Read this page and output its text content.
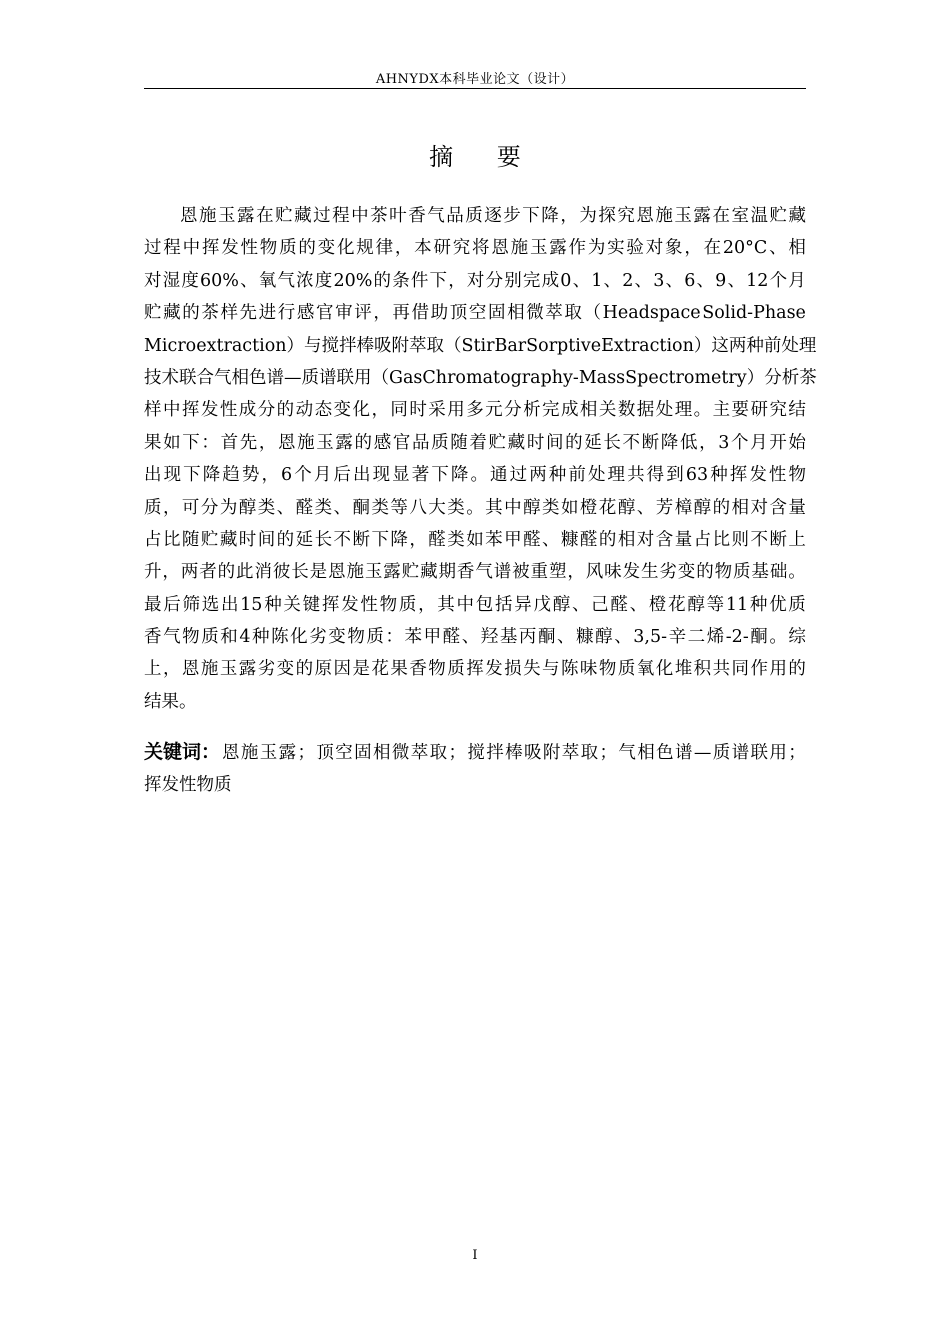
AHNYDX本科毕业论文（设计）
摘 要
恩 施 玉 露 在 贮 藏 过 程 中 茶 叶 香 气 品 质 逐 步 下 降 ， 为 探 究 恩 施 玉 露 在 室 温 贮 藏
过 程 中 挥 发 性 物 质 的 变 化 规 律 ， 本 研 究 将 恩 施 玉 露 作 为 实 验 对 象 ， 在 20°C 、 相
对 湿 度 60% 、 氧 气 浓 度 20% 的 条 件 下 ， 对 分 别 完 成 0 、 1 、 2 、 3 、 6 、 9 、 12 个 月
贮 藏 的 茶 样 先 进 行 感 官 审 评 ， 再 借 助 顶 空 固 相 微 萃 取 （ Headspace Solid-Phase
Microextraction ） 与 搅 拌 棒 吸 附 萃 取 （ Stir Bar Sorptive Extraction ） 这 两 种 前 处 理
技 术 联 合 气 相 色 谱 — 质 谱 联 用 （ Gas Chromatography-Mass Spectrometry ） 分 析 茶
样 中 挥 发 性 成 分 的 动 态 变 化 ， 同 时 采 用 多 元 分 析 完 成 相 关 数 据 处 理 。 主 要 研 究 结
果 如 下 ： 首 先 ， 恩 施 玉 露 的 感 官 品 质 随 着 贮 藏 时 间 的 延 长 不 断 降 低 ， 3 个 月 开 始
出 现 下 降 趋 势 ， 6 个 月 后 出 现 显 著 下 降 。 通 过 两 种 前 处 理 共 得 到 63 种 挥 发 性 物
质 ， 可 分 为 醇 类 、 醛 类 、 酮 类 等 八 大 类 。 其 中 醇 类 如 橙 花 醇 、 芳 樟 醇 的 相 对 含 量
占 比 随 贮 藏 时 间 的 延 长 不 断 下 降 ， 醛 类 如 苯 甲 醛 、 糠 醛 的 相 对 含 量 占 比 则 不 断 上
升 ， 两 者 的 此 消 彼 长 是 恩 施 玉 露 贮 藏 期 香 气 谱 被 重 塑 ， 风 味 发 生 劣 变 的 物 质 基 础 。
最 后 筛 选 出 15 种 关 键 挥 发 性 物 质 ， 其 中 包 括 异 戊 醇 、 己 醛 、 橙 花 醇 等 11 种 优 质
香 气 物 质 和 4 种 陈 化 劣 变 物 质 ： 苯 甲 醛 、 羟 基 丙 酮 、 糠 醇 、 3,5- 辛 二 烯 -2- 酮 。 综
上 ， 恩 施 玉 露 劣 变 的 原 因 是 花 果 香 物 质 挥 发 损 失 与 陈 味 物 质 氧 化 堆 积 共 同 作 用 的
结果。
关键词： 恩 施 玉 露 ； 顶 空 固 相 微 萃 取 ； 搅 拌 棒 吸 附 萃 取 ； 气 相 色 谱 — 质 谱 联 用 ；
挥发性物质
I
